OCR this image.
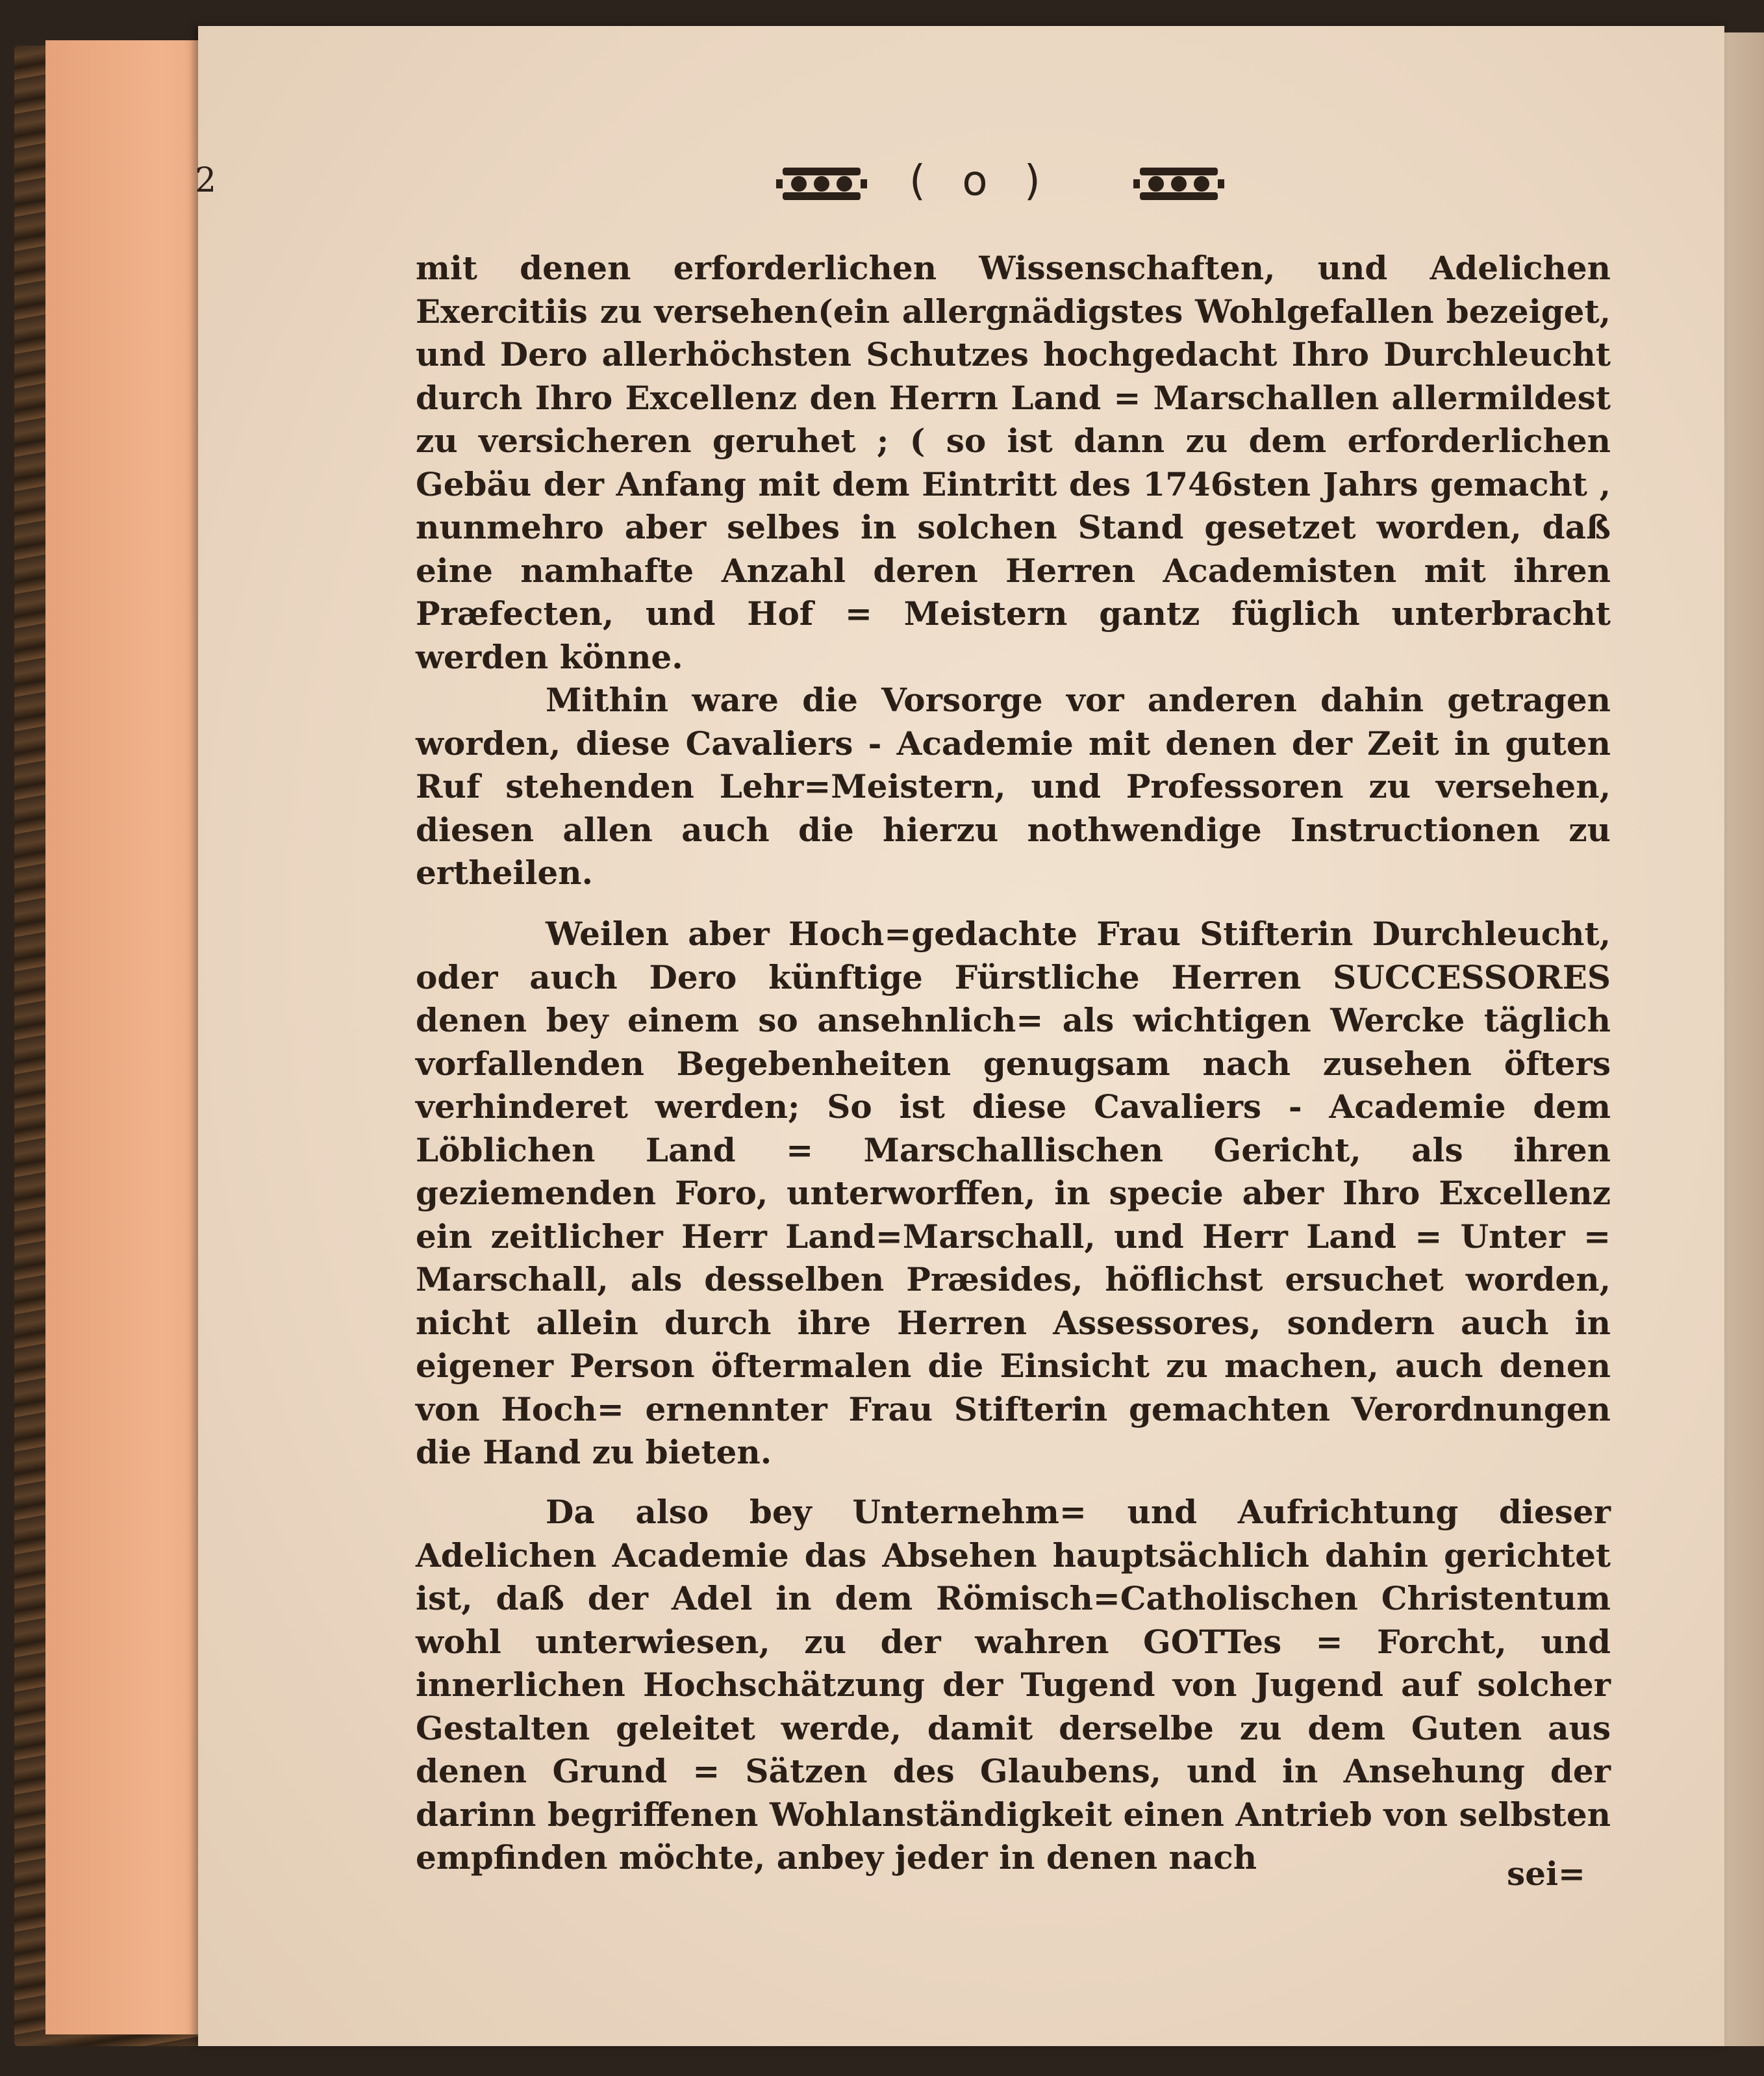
2	( o )

mit denen erforderlichen Wissenschaften, und Adelichen Exercitiis zu versehen(ein allergnädigstes Wohlgefallen bezeiget, und Dero allerhöchsten Schutzes hochgedacht Ihro Durchleucht durch Ihro Excellenz den Herrn Land = Marschallen allermildest zu versicheren geruhet ; ( so ist dann zu dem erforderlichen Gebäu der Anfang mit dem Eintritt des 1746sten Jahrs gemacht , nunmehro aber selbes in solchen Stand gesetzet worden, daß eine namhafte Anzahl deren Herren Academisten mit ihren Præfecten, und Hof = Meistern gantz füglich unterbracht werden könne.

Mithin ware die Vorsorge vor anderen dahin getragen worden, diese Cavaliers - Academie mit denen der Zeit in guten Ruf stehenden Lehr=Meistern, und Professoren zu versehen, diesen allen auch die hierzu nothwendige Instructionen zu ertheilen.

Weilen aber Hoch=gedachte Frau Stifterin Durchleucht, oder auch Dero künftige Fürstliche Herren SUCCESSORES denen bey einem so ansehnlich= als wichtigen Wercke täglich vorfallenden Begebenheiten genugsam nach zusehen öfters verhinderet werden; So ist diese Cavaliers - Academie dem Löblichen Land = Marschallischen Gericht, als ihren geziemenden Foro, unterworffen, in specie aber Ihro Excellenz ein zeitlicher Herr Land=Marschall, und Herr Land = Unter = Marschall, als desselben Præsides, höflichst ersuchet worden, nicht allein durch ihre Herren Assessores, sondern auch in eigener Person öftermalen die Einsicht zu machen, auch denen von Hoch= ernennter Frau Stifterin gemachten Verordnungen die Hand zu bieten.

Da also bey Unternehm= und Aufrichtung dieser Adelichen Academie das Absehen hauptsächlich dahin gerichtet ist, daß der Adel in dem Römisch=Catholischen Christentum wohl unterwiesen, zu der wahren GOTTes = Forcht, und innerlichen Hochschätzung der Tugend von Jugend auf solcher Gestalten geleitet werde, damit derselbe zu dem Guten aus denen Grund = Sätzen des Glaubens, und in Ansehung der darinn begriffenen Wohlanständigkeit einen Antrieb von selbsten empfinden möchte, anbey jeder in denen nach	sei=
